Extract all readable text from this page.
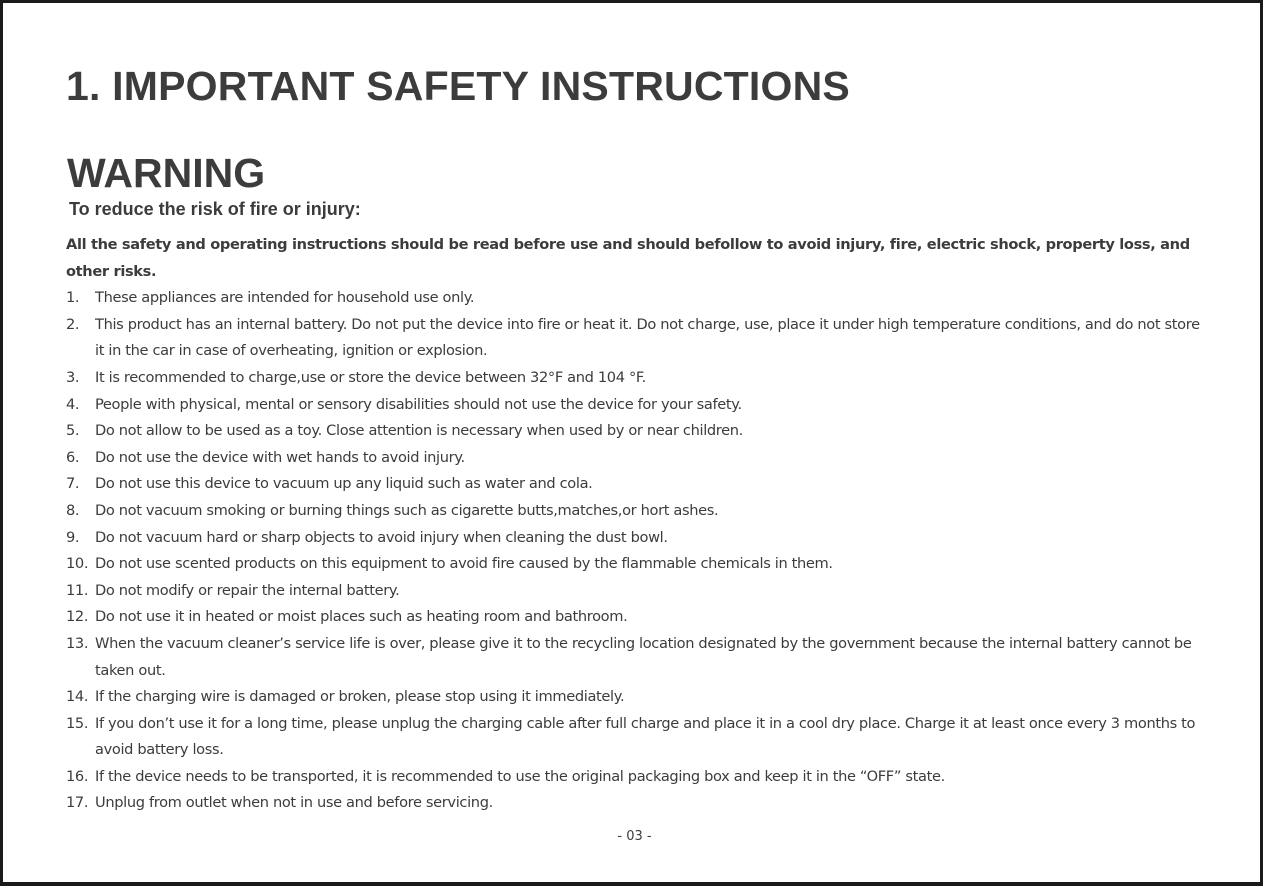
1. IMPORTANT SAFETY INSTRUCTIONS
WARNING

To reduce the risk of fire or injury:

All the safety and operating instructions should be read before use and should befollow to avoid injury, fire, electric shock, property loss, and other risks.

1. These appliances are intended for household use only.
2. This product has an internal battery. Do not put the device into fire or heat it. Do not charge, use, place it under high temperature conditions, and do not store it in the car in case of overheating, ignition or explosion.
3. It is recommended to charge,use or store the device between 32°F and 104 °F.
4. People with physical, mental or sensory disabilities should not use the device for your safety.
5. Do not allow to be used as a toy. Close attention is necessary when used by or near children.
6. Do not use the device with wet hands to avoid injury.
7. Do not use this device to vacuum up any liquid such as water and cola.
8. Do not vacuum smoking or burning things such as cigarette butts,matches,or hort ashes.
9. Do not vacuum hard or sharp objects to avoid injury when cleaning the dust bowl.
10. Do not use scented products on this equipment to avoid fire caused by the flammable chemicals in them.
11. Do not modify or repair the internal battery.
12. Do not use it in heated or moist places such as heating room and bathroom.
13. When the vacuum cleaner’s service life is over, please give it to the recycling location designated by the government because the internal battery cannot be taken out.
14. If the charging wire is damaged or broken, please stop using it immediately.
15. If you don’t use it for a long time, please unplug the charging cable after full charge and place it in a cool dry place. Charge it at least once every 3 months to avoid battery loss.
16. If the device needs to be transported, it is recommended to use the original packaging box and keep it in the “OFF” state.
17. Unplug from outlet when not in use and before servicing.
- 03 -
